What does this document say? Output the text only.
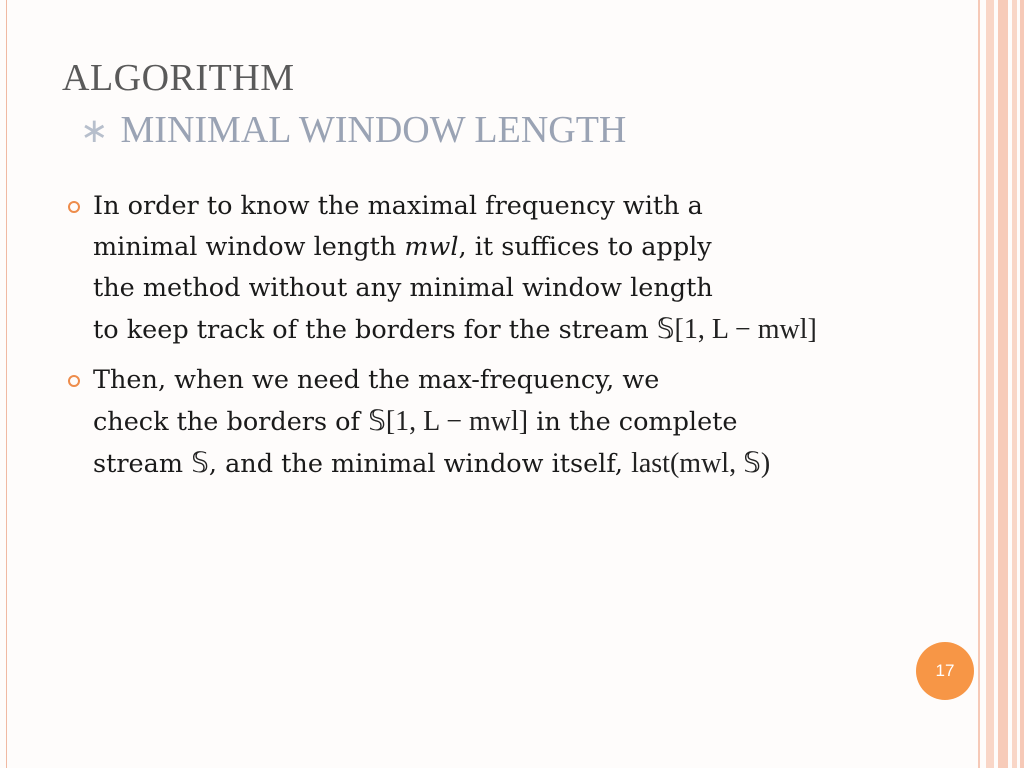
ALGORITHM
∗ MINIMAL WINDOW LENGTH
In order to know the maximal frequency with a
minimal window length mwl, it suffices to apply
the method without any minimal window length
to keep track of the borders for the stream 𝕊[1, L − mwl]
Then, when we need the max-frequency, we
check the borders of 𝕊[1, L − mwl] in the complete
stream 𝕊, and the minimal window itself, last(mwl, 𝕊)
17
